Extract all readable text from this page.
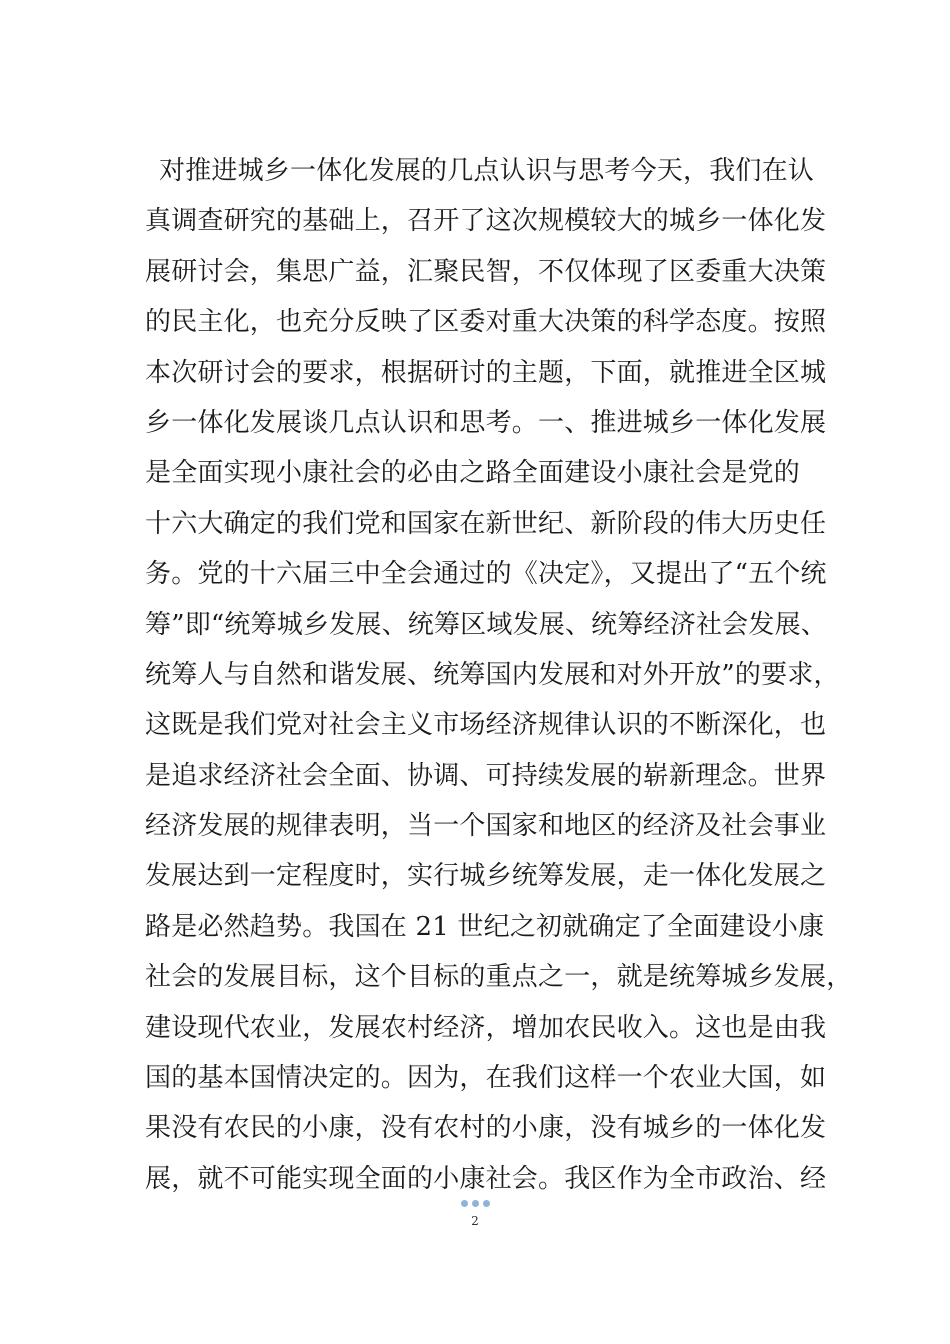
对推进城乡一体化发展的几点认识与思考今天，我们在认
真调查研究的基础上，召开了这次规模较大的城乡一体化发
展研讨会，集思广益，汇聚民智，不仅体现了区委重大决策
的民主化，也充分反映了区委对重大决策的科学态度。按照
本次研讨会的要求，根据研讨的主题，下面，就推进全区城
乡一体化发展谈几点认识和思考。一、推进城乡一体化发展
是全面实现小康社会的必由之路全面建设小康社会是党的
十六大确定的我们党和国家在新世纪、新阶段的伟大历史任
务。党的十六届三中全会通过的《决定》，又提出了“五个统
筹”即“统筹城乡发展、统筹区域发展、统筹经济社会发展、
统筹人与自然和谐发展、统筹国内发展和对外开放”的要求，
这既是我们党对社会主义市场经济规律认识的不断深化，也
是追求经济社会全面、协调、可持续发展的崭新理念。世界
经济发展的规律表明，当一个国家和地区的经济及社会事业
发展达到一定程度时，实行城乡统筹发展，走一体化发展之
路是必然趋势。我国在 21 世纪之初就确定了全面建设小康
社会的发展目标，这个目标的重点之一，就是统筹城乡发展，
建设现代农业，发展农村经济，增加农民收入。这也是由我
国的基本国情决定的。因为，在我们这样一个农业大国，如
果没有农民的小康，没有农村的小康，没有城乡的一体化发
展，就不可能实现全面的小康社会。我区作为全市政治、经
2
